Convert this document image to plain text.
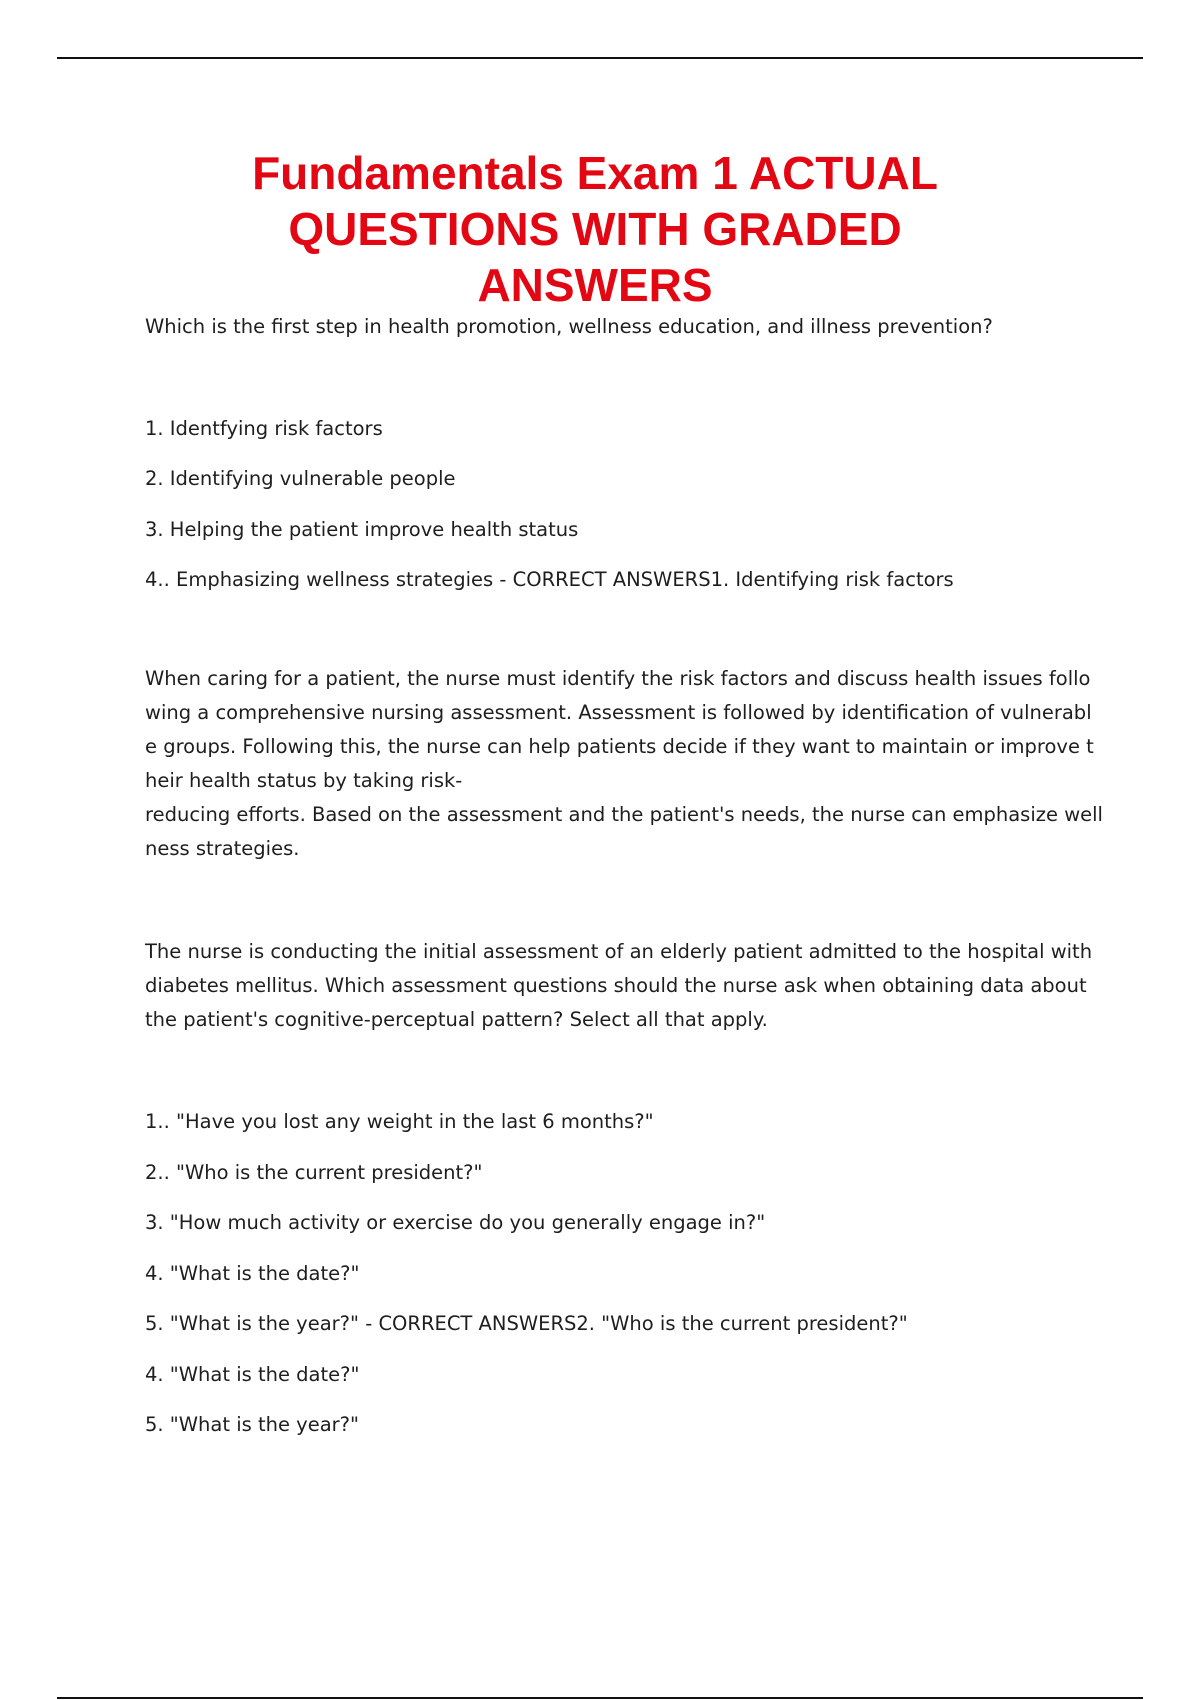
Fundamentals Exam 1 ACTUAL
QUESTIONS WITH GRADED
ANSWERS
Which is the first step in health promotion, wellness education, and illness prevention?
1. Identfying risk factors
2. Identifying vulnerable people
3. Helping the patient improve health status
4.. Emphasizing wellness strategies - CORRECT ANSWERS1. Identifying risk factors
When caring for a patient, the nurse must identify the risk factors and discuss health issues follo
wing a comprehensive nursing assessment. Assessment is followed by identification of vulnerabl
e groups. Following this, the nurse can help patients decide if they want to maintain or improve t
heir health status by taking risk-
reducing efforts. Based on the assessment and the patient's needs, the nurse can emphasize well
ness strategies.
The nurse is conducting the initial assessment of an elderly patient admitted to the hospital with
diabetes mellitus. Which assessment questions should the nurse ask when obtaining data about
the patient's cognitive-perceptual pattern? Select all that apply.
1.. "Have you lost any weight in the last 6 months?"
2.. "Who is the current president?"
3. "How much activity or exercise do you generally engage in?"
4. "What is the date?"
5. "What is the year?" - CORRECT ANSWERS2. "Who is the current president?"
4. "What is the date?"
5. "What is the year?"
